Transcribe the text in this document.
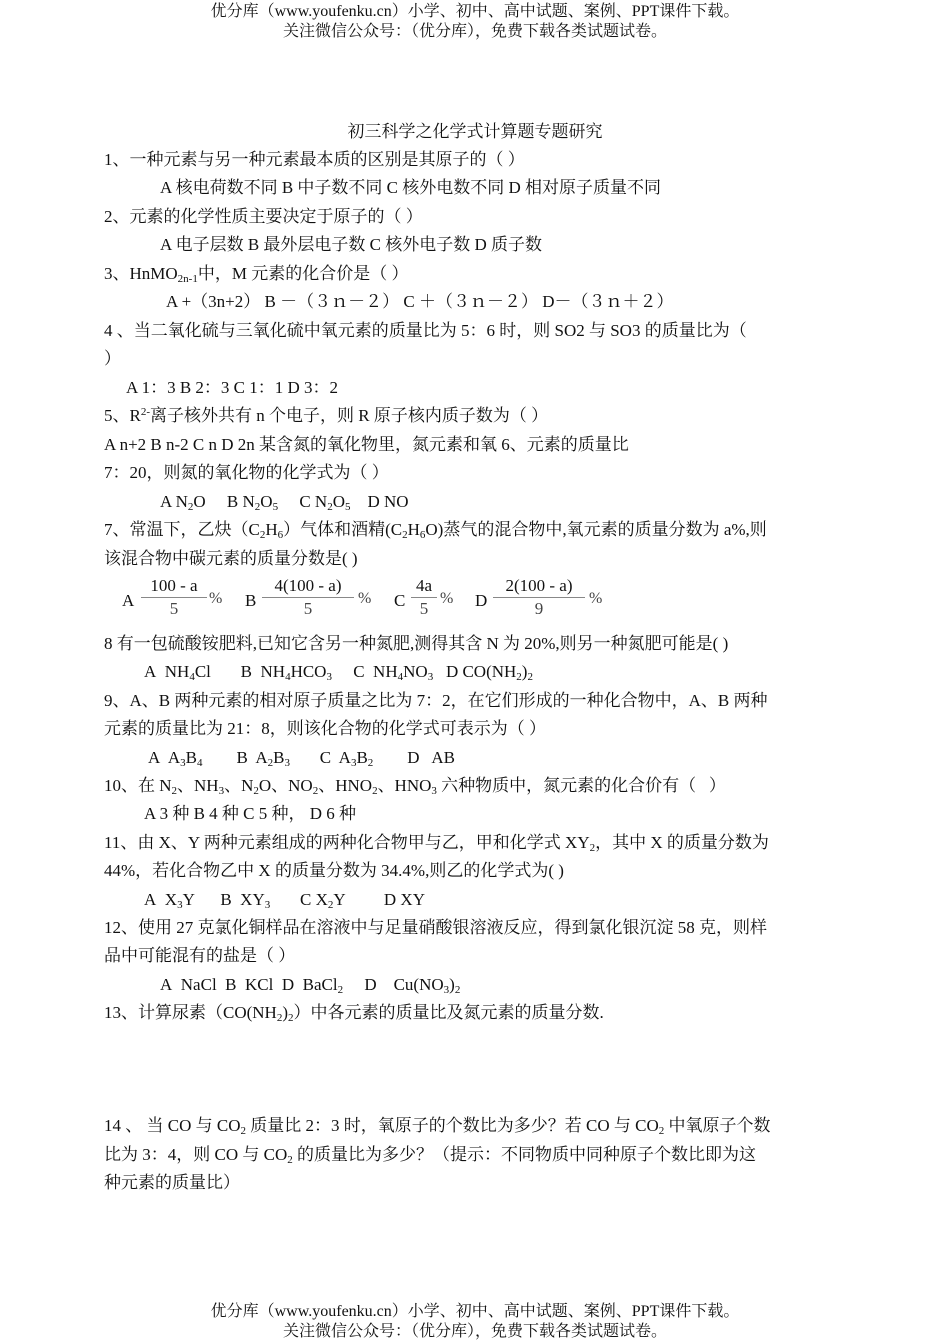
优分库（www.youfenku.cn）小学、初中、高中试题、案例、PPT课件下载。
关注微信公众号：（优分库），免费下载各类试题试卷。
初三科学之化学式计算题专题研究
1、一种元素与另一种元素最本质的区别是其原子的（ ）
A 核电荷数不同 B 中子数不同 C 核外电数不同 D 相对原子质量不同
2、元素的化学性质主要决定于原子的（ ）
A 电子层数 B 最外层电子数 C 核外电子数 D 质子数
3、HnMO$_{2n-1}$中，M 元素的化合价是（ ）
A +（3n+2） B －（３ｎ－２） C ＋（３ｎ－２） D－（３ｎ＋２）
4 、当二氧化硫与三氧化硫中氧元素的质量比为 5：6 时，则 SO2 与 SO3 的质量比为（
）
A 1：3 B 2：3 C 1：1 D 3：2
5、$R^{2-}$离子核外共有 n 个电子，则 R 原子核内质子数为（ ）
A n+2 B n-2 C n D 2n 某含氮的氧化物里，氮元素和氧 6、元素的质量比
7：20，则氮的氧化物的化学式为（ ）
A $N_2O$ B $N_2O_5$ C $N_2O_5$ D NO
7、常温下，乙炔$(C_2H_6)$气体和酒精$(C_2H_6O)$蒸气的混合物中,氧元素的质量分数为 a%,则
该混合物中碳元素的质量分数是( )
A
100 - a
5
% B
4(100 - a)
5
% C
4a
5
% D
2(100 - a)
9
%
8 有一包硫酸铵肥料,已知它含另一种氮肥,测得其含 N 为 20%,则另一种氮肥可能是( )
A  $NH_4Cl$       B  $NH_4HCO_3$     C  $NH_4NO_3$   D $CO(NH_2)_2$
9、A、B 两种元素的相对原子质量之比为 7：2，在它们形成的一种化合物中，A、B 两种
元素的质量比为 21：8，则该化合物的化学式可表示为（ ）
A  $A_3B_4$        B  $A_2B_3$       C  $A_3B_2$        D   AB
10、在 $N_2$、$NH_3$、$N_2O$、$NO_2$、$HNO_2$、$HNO_3$ 六种物质中，氮元素的化合价有（   ）
A 3 种 B 4 种 C 5 种， D 6 种
11、由 X、Y 两种元素组成的两种化合物甲与乙，甲和化学式 $XY_2$，其中 X 的质量分数为
44%，若化合物乙中 X 的质量分数为 34.4%,则乙的化学式为( )
A  $X_3Y$      B  $XY_3$       C $X_2Y$         D XY
12、使用 27 克氯化铜样品在溶液中与足量硝酸银溶液反应，得到氯化银沉淀 58 克，则样
品中可能混有的盐是（ ）
A  NaCl  B  KCl  D  BaCl$_2$     D    $Cu(NO_3)_2$
13、计算尿素$(CO(NH_2)_2)$中各元素的质量比及氮元素的质量分数.
14 、 当 CO 与 $CO_2$ 质量比 2：3 时，氧原子的个数比为多少？若 CO 与 $CO_2$ 中氧原子个数
比为 3：4，则 CO 与 $CO_2$ 的质量比为多少？（提示：不同物质中同种原子个数比即为这
种元素的质量比）
优分库（www.youfenku.cn）小学、初中、高中试题、案例、PPT课件下载。
关注微信公众号：（优分库），免费下载各类试题试卷。
